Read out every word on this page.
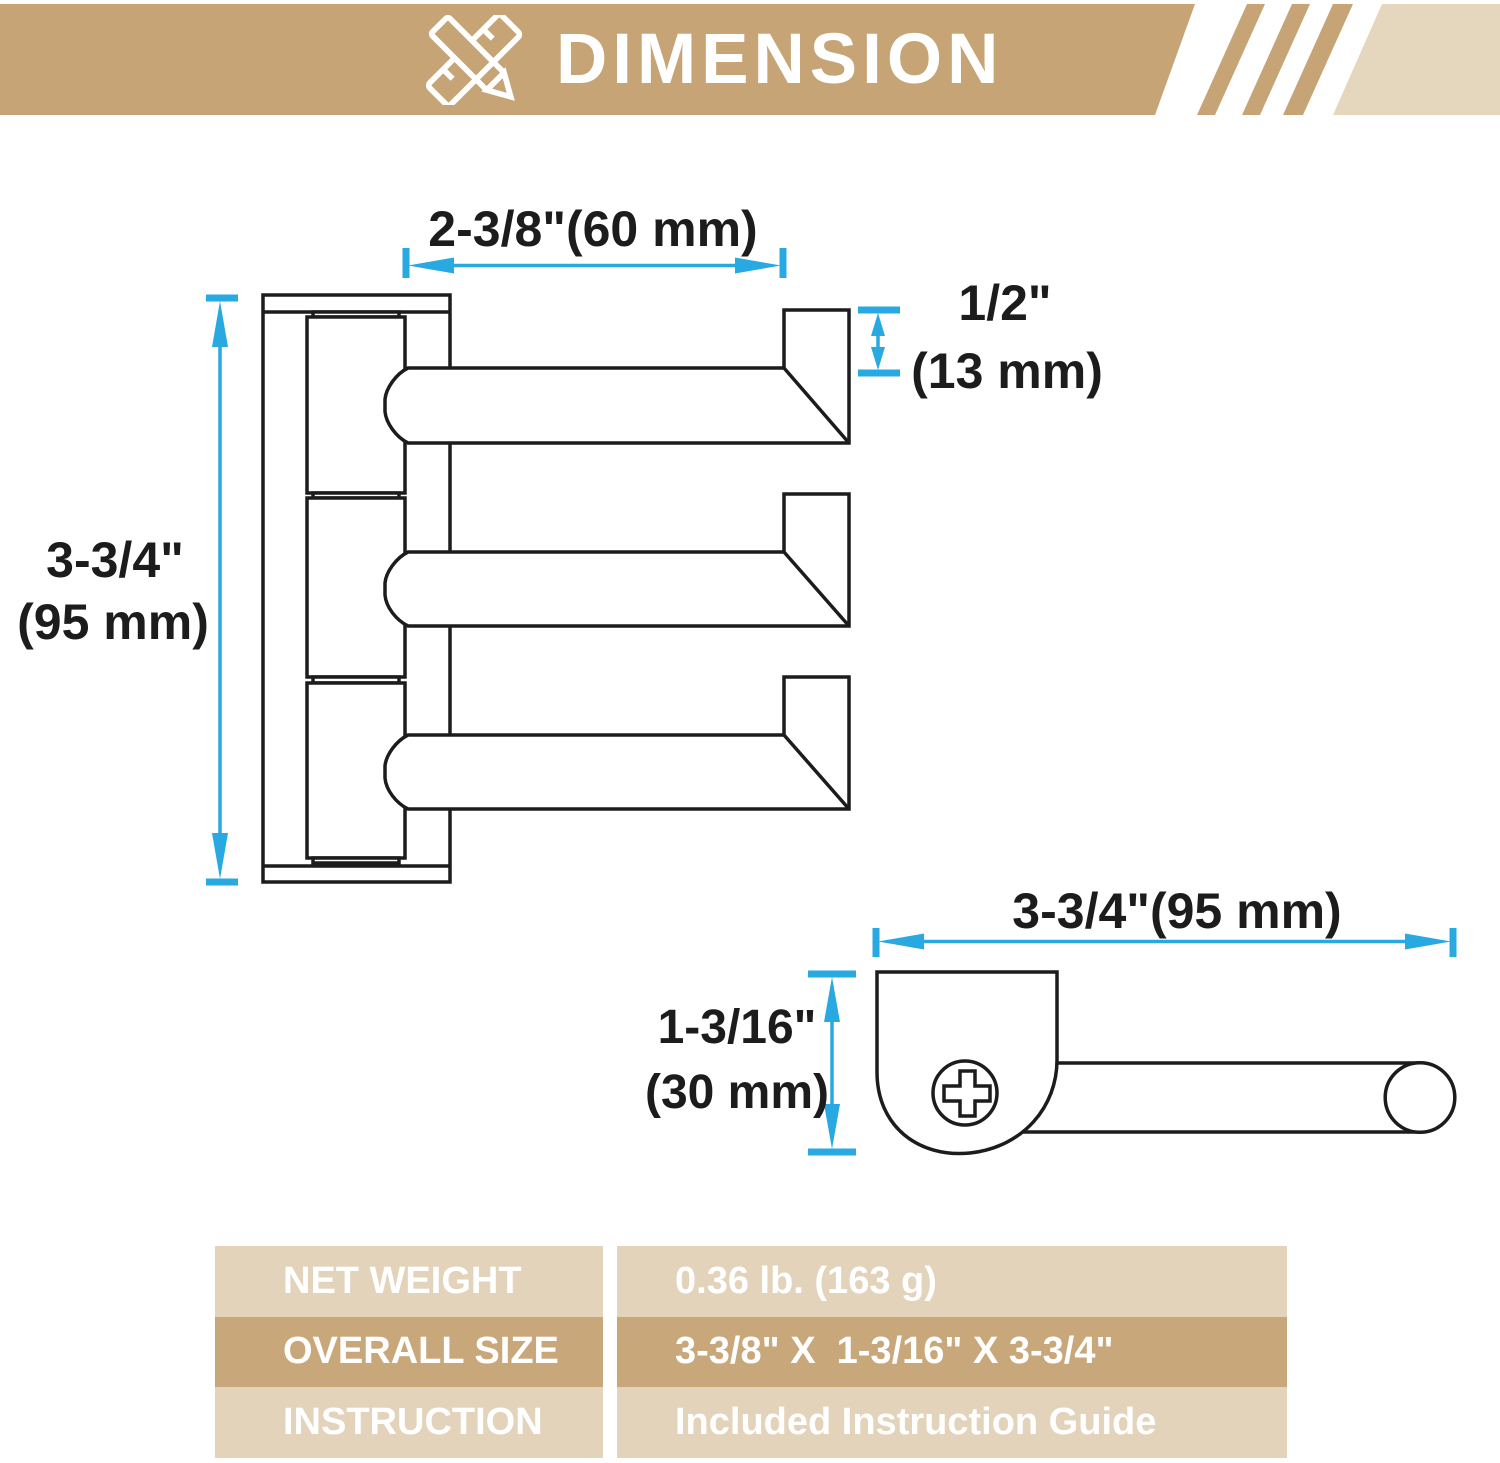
DIMENSION
2-3/8"(60 mm)
3-3/4"
(95 mm)
1/2"
(13 mm)
3-3/4"(95 mm)
1-3/16"
(30 mm)
NET WEIGHT	0.36 lb. (163 g)
OVERALL SIZE	3-3/8" X  1-3/16" X 3-3/4"
INSTRUCTION	Included Instruction Guide
